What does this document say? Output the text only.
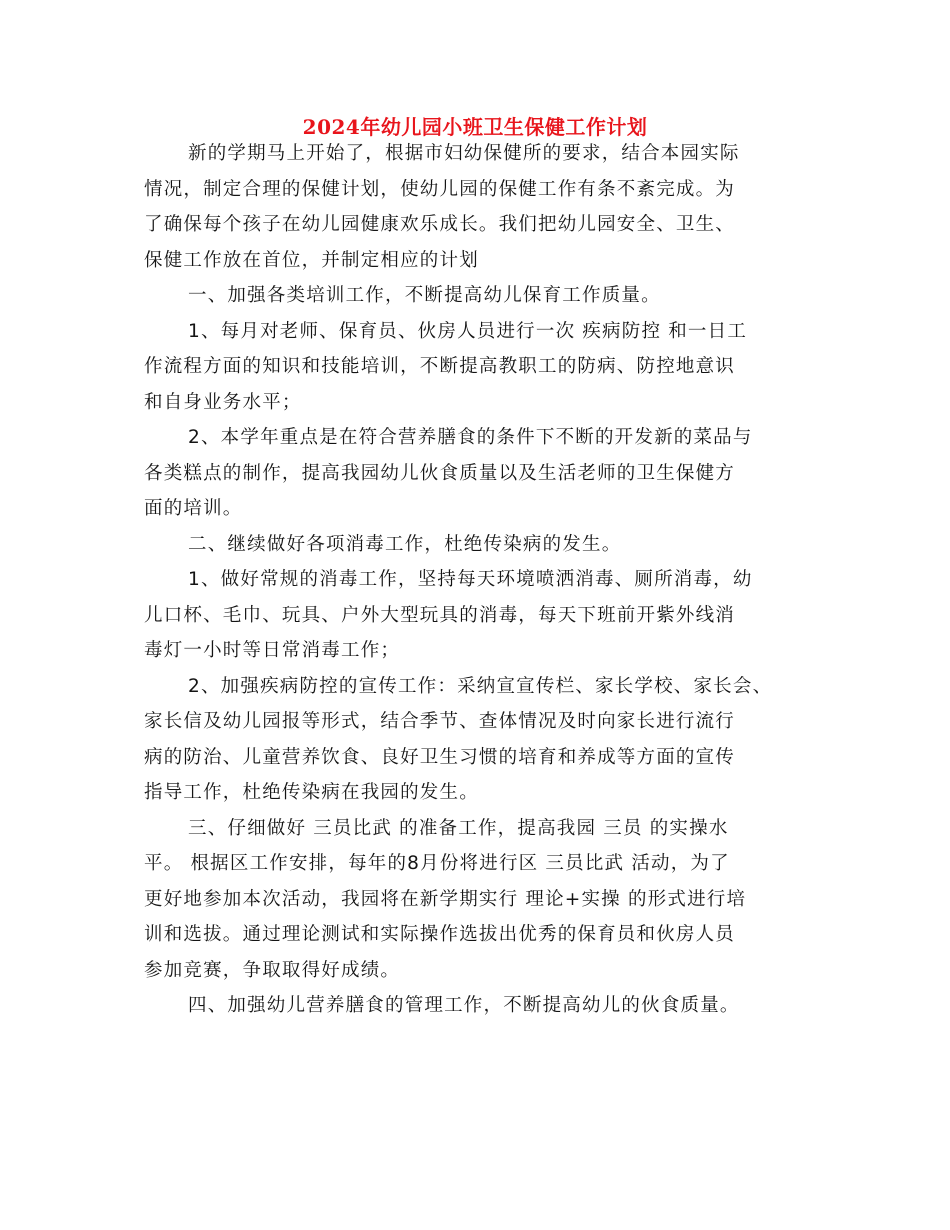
2024年幼儿园小班卫生保健工作计划
新的学期马上开始了，根据市妇幼保健所的要求，结合本园实际
情况，制定合理的保健计划，使幼儿园的保健工作有条不紊完成。为
了确保每个孩子在幼儿园健康欢乐成长。我们把幼儿园安全、卫生、
保健工作放在首位，并制定相应的计划
一、加强各类培训工作，不断提高幼儿保育工作质量。
1、每月对老师、保育员、伙房人员进行一次 疾病防控 和一日工
作流程方面的知识和技能培训，不断提高教职工的防病、防控地意识
和自身业务水平；
2、本学年重点是在符合营养膳食的条件下不断的开发新的菜品与
各类糕点的制作，提高我园幼儿伙食质量以及生活老师的卫生保健方
面的培训。
二、继续做好各项消毒工作，杜绝传染病的发生。
1、做好常规的消毒工作，坚持每天环境喷洒消毒、厕所消毒，幼
儿口杯、毛巾、玩具、户外大型玩具的消毒，每天下班前开紫外线消
毒灯一小时等日常消毒工作；
2、加强疾病防控的宣传工作：采纳宣宣传栏、家长学校、家长会、
家长信及幼儿园报等形式，结合季节、查体情况及时向家长进行流行
病的防治、儿童营养饮食、良好卫生习惯的培育和养成等方面的宣传
指导工作，杜绝传染病在我园的发生。
三、仔细做好 三员比武 的准备工作，提高我园 三员 的实操水
平。 根据区工作安排，每年的8月份将进行区 三员比武 活动，为了
更好地参加本次活动，我园将在新学期实行 理论+实操 的形式进行培
训和选拔。通过理论测试和实际操作选拔出优秀的保育员和伙房人员
参加竞赛，争取取得好成绩。
四、加强幼儿营养膳食的管理工作，不断提高幼儿的伙食质量。
